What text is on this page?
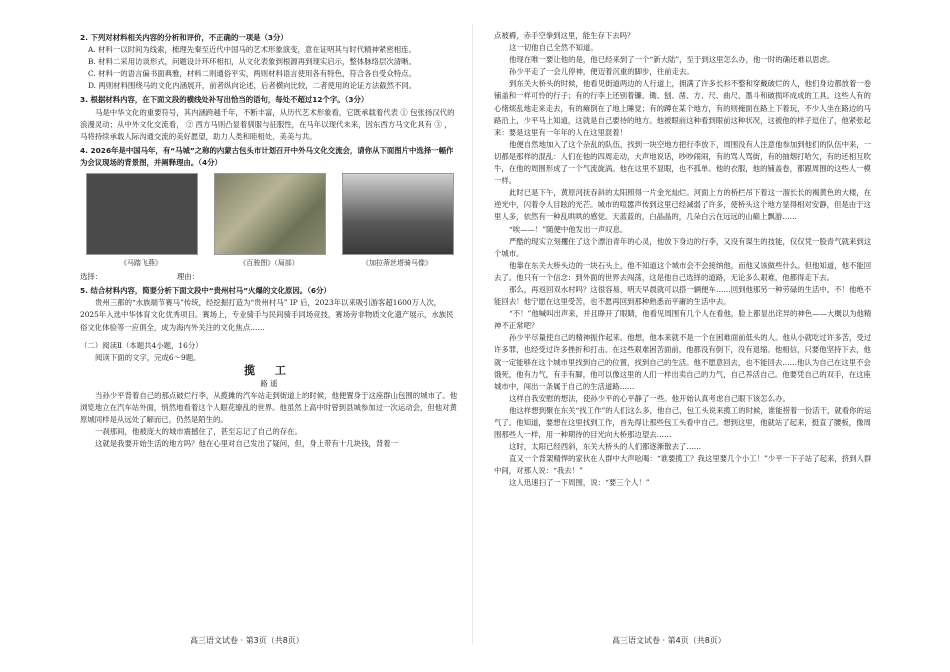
2. 下列对材料相关内容的分析和评价，不正确的一项是（3分）
A. 材料一以时间为线索，梳理先秦至近代中国马的艺术形象演变，意在证明其与时代精神紧密相连。
B. 材料二采用访谈形式，问题设计环环相扣，从文化表象到根源再到现实启示，整体脉络层次清晰。
C. 材料一的语言偏书面典雅，材料二则通俗平实，两则材料语言使用各有特色，符合各自受众特点。
D. 两则材料围绕马的文化内涵展开，前者纵向论述，后者横向比较，二者使用的论证方法截然不同。
3. 根据材料内容，在下面文段的横线处补写出恰当的语句，每处不超过12个字。（3分）
马是中华文化的重要符号，其内涵跨越千年，不断丰富，从历代艺术形象看，它既承载着代表 ① 包张扬汉代的浪漫灵动；从中外文化交流看， ② 西方马则凸显着驯服与征服性，在马年以现代未来，因东西方马文化具有 ③ ，马将持续承载人际沟通交流的美好愿望，助力人类和睦相处、美美与共。
4. 2026年是中国马年，有“马城”之称的内蒙古包头市计划召开中外马文化交流会，请你从下面图片中选择一幅作为会议现场的背景图，并阐释理由。（4分）
《马踏飞燕》	《百骏图》（局部）	《加拉蒂丝塔骑马像》
选择：	理由：
5. 结合材料内容，简要分析下面文段中“贵州村马”火爆的文化原因。（6分）
贵州三都的“水族端节赛马”传统，经挖掘打造为“贵州村马” IP 后，2023年以来吸引游客超1600万人次，2025年入选中华体育文化优秀项目。赛场上，专业骑手与民间骑手同场竞技，赛场旁非物质文化遗产展示，水族民俗文化体验等一应俱全，成为海内外关注的文化焦点……
（二）阅读Ⅱ（本题共4小题，16分）
阅读下面的文字，完成6～9题。
揽 工
路 遥
当孙少平背着自己的那点破烂行李，从揽摊的汽车站走到街道上的时候，他便置身于这座群山包围的城市了。他浏览地立在汽车站外面，悄然地看着这个人眼花缭乱的世界。他虽然上高中时曾到县城参加过一次运动会，但他对黄原城同样是从远处了解而已，仍然是陌生的。
一刹那间，他被庞大的城市震撼住了，甚至忘记了自己的存在。
这就是我要开始生活的地方吗？他在心里对自己发出了疑问，但，身上带有十几块钱，背着一
点被褥，赤手空拳到这里，能生存下去吗？
这一切他自己全然不知道。
他现在唯一要让他的是，他已经来到了一个“新大陆”，至于到这里怎么办，他一时的确还难以思虑。
孙少平走了一会儿停神，便迈着沉重的脚步，往前走去。
到东关大桥头的时候，他看见街道两边的人行道上，拥满了许多长衫不整和穿戴破烂的人，他们身边都放着一卷铺盖和一样可怜的行子；有的行李上还别着镰、锄、刨、凿、方、尺、曲尺、墨斗和破损坏成成的工具。这些人有的心绪烦乱地走来走去，有的瘫倒在了地上睡觉；有的蹲在某个地方，有的则掩面在路上下着玩，不少人坐在路边的马路沿上，少平马上知道，这就是自己要待的地方。他被眼前这种看到眼前这种状况，这被他的样子逗住了，他紧张起来：要是这里有一年年的人在这里混着！
他便自然地加入了这个杂乱的队伍，找到一块空地方把行李放下，周围没有人注意他参加到他们的队伍中来，一切都是那样的混乱：人们在他的四周走动，大声地说话，吵吵闹闹，有的骂人骂街，有的抽烟打哈欠，有的还相互吹牛，在他的周围形成了一个气流旋涡。他在这里不显眼，也不孤单。他的衣服，他的铺盖卷，都跟周围的这些人一模一样。
此时已是下午，黄原河抚吞斜的太阳照得一片金光灿烂。河面上方的桥栏吊下着这一溜长长的褐黄色的大楼，在逆光中，闪着令人目眩的光芒。城市的喧嚣声传到这里已经减弱了许多，使桥头这个地方显得相对安静，但是由于这里人多，依然有一种乱哄哄的感觉。天蓝蓝的，白晶晶的，几朵白云在远远的山巅上飘游……
“唉——！”随便中他发出一声叹息。
严酷的现实立刻攫住了这个漂泊青年的心灵，他放下身边的行李，又没有谋生的技能，仅仅凭一股青气就来到这个城市。
他靠在东关大桥头边的一块石头上，他不知道这个城市会不会接纳他，而他又该做些什么。但他知道，他不能回去了。他只有一个信念：到外面的世界去闯荡，这是他自己选择的道路，无论多么艰难，他都得走下去。
那么，再返回双水村吗？这很容易，明天早晨就可以搭一辆便车……回到他那另一种劳碌的生活中。不！他绝不能回去！他宁愿在这里受苦，也不愿再回到那种熟悉而平庸的生活中去。
“不！”他喊叫出声来，并且睁开了眼睛，他看见周围有几个人在看他，脸上都显出诧异的神色——大概以为他精神不正常吧？
孙少平尽量使自己的精神振作起来。他想，他本来就不是一个在困难面前低头的人。他从小就吃过许多苦，受过许多罪，也经受过许多挫折和打击。在这些艰难困苦面前，他都没有倒下，没有退缩。他相信，只要他坚持下去，他就一定能够在这个城市里找到自己的位置，找到自己的生活。他不愿意回去，也不能回去……他认为自己在这里不会饿死，他有力气，有手有脚，他可以像这里的人们一样出卖自己的力气，自己养活自己。他要凭自己的双手，在这座城市中，闯出一条属于自己的生活道路……
这样自我安慰的想法，使孙少平的心平静了一些。他开始认真考虑自己眼下该怎么办。
他这样想到聚在东关“找工作”的人们这么多，他自己，包工头说来揽工的时候，谁能捞着一份活干，就看你的运气了。他知道，要想在这里找到工作，首先得让那些包工头看中自己。想到这里，他就站了起来，挺直了腰板，像周围那些人一样，用一种期待的目光向大桥那边望去……
这时，太阳已经西斜，东关大桥头的人们都逐渐散去了……
直又一个背架精悍的家伙在人群中大声吆喝：“谁要揽工？我这里要几个小工！”少平一下子站了起来，挤到人群中间，对那人说：“我去！”
这人迅速扫了一下周围，说：“要三个人！”
高三语文试卷 · 第3页（共8页）	高三语文试卷 · 第4页（共8页）
